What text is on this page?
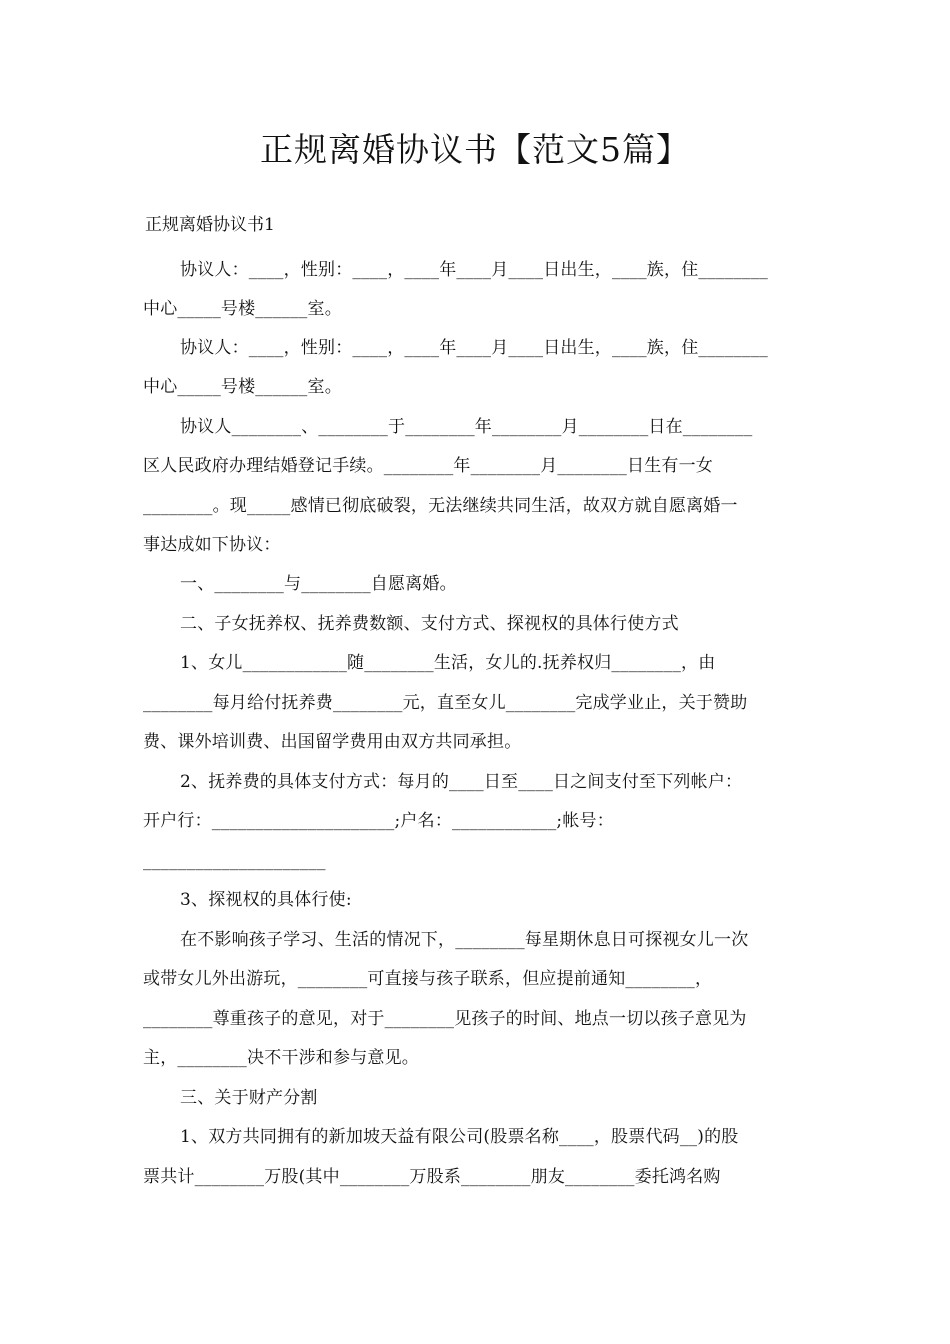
正规离婚协议书【范文5篇】
正规离婚协议书1
协议人：____，性别：____，____年____月____日出生，____族，住________
中心_____号楼______室。
协议人：____，性别：____，____年____月____日出生，____族，住________
中心_____号楼______室。
协议人________、________于________年________月________日在________
区人民政府办理结婚登记手续。________年________月________日生有一女
________。现_____感情已彻底破裂，无法继续共同生活，故双方就自愿离婚一
事达成如下协议：
一、________与________自愿离婚。
二、子女抚养权、抚养费数额、支付方式、探视权的具体行使方式
1、女儿____________随________生活，女儿的.抚养权归________，由
________每月给付抚养费________元，直至女儿________完成学业止，关于赞助
费、课外培训费、出国留学费用由双方共同承担。
2、抚养费的具体支付方式：每月的____日至____日之间支付至下列帐户：
开户行：_____________________;户名：____________;帐号：
_____________________
3、探视权的具体行使:
在不影响孩子学习、生活的情况下，________每星期休息日可探视女儿一次
或带女儿外出游玩，________可直接与孩子联系，但应提前通知________，
________尊重孩子的意见，对于________见孩子的时间、地点一切以孩子意见为
主，________决不干涉和参与意见。
三、关于财产分割
1、双方共同拥有的新加坡天益有限公司(股票名称____，股票代码__)的股
票共计________万股(其中________万股系________朋友________委托鸿名购
